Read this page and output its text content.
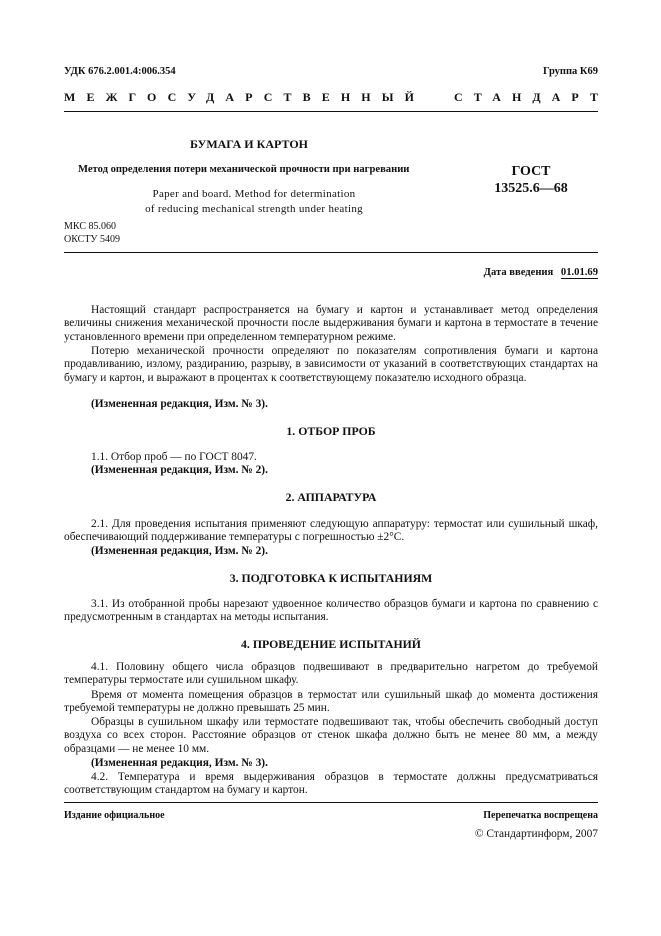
УДК 676.2.001.4:006.354	Группа К69
МЕЖГОСУДАРСТВЕННЫЙ СТАНДАРТ
БУМАГА И КАРТОН
Метод определения потери механической прочности при нагревании	ГОСТ
13525.6—68
Paper and board. Method for determination
of reducing mechanical strength under heating
МКС 85.060
ОКСТУ 5409
Дата введения 01.01.69
Настоящий стандарт распространяется на бумагу и картон и устанавливает метод определения величины снижения механической прочности после выдерживания бумаги и картона в термостате в течение установленного времени при определенном температурном режиме.
Потерю механической прочности определяют по показателям сопротивления бумаги и картона продавливанию, излому, раздиранию, разрыву, в зависимости от указаний в соответствующих стандартах на бумагу и картон, и выражают в процентах к соответствующему показателю исходного образца.
(Измененная редакция, Изм. № 3).
1. ОТБОР ПРОБ
1.1. Отбор проб — по ГОСТ 8047.
(Измененная редакция, Изм. № 2).
2. АППАРАТУРА
2.1. Для проведения испытания применяют следующую аппаратуру: термостат или сушильный шкаф, обеспечивающий поддерживание температуры с погрешностью ±2°С.
(Измененная редакция, Изм. № 2).
3. ПОДГОТОВКА К ИСПЫТАНИЯМ
3.1. Из отобранной пробы нарезают удвоенное количество образцов бумаги и картона по сравнению с предусмотренным в стандартах на методы испытания.
4. ПРОВЕДЕНИЕ ИСПЫТАНИЙ
4.1. Половину общего числа образцов подвешивают в предварительно нагретом до требуемой температуры термостате или сушильном шкафу.
Время от момента помещения образцов в термостат или сушильный шкаф до момента достижения требуемой температуры не должно превышать 25 мин.
Образцы в сушильном шкафу или термостате подвешивают так, чтобы обеспечить свободный доступ воздуха со всех сторон. Расстояние образцов от стенок шкафа должно быть не менее 80 мм, а между образцами — не менее 10 мм.
(Измененная редакция, Изм. № 3).
4.2. Температура и время выдерживания образцов в термостате должны предусматриваться соответствующим стандартом на бумагу и картон.
Издание официальное	Перепечатка воспрещена
© Стандартинформ, 2007
